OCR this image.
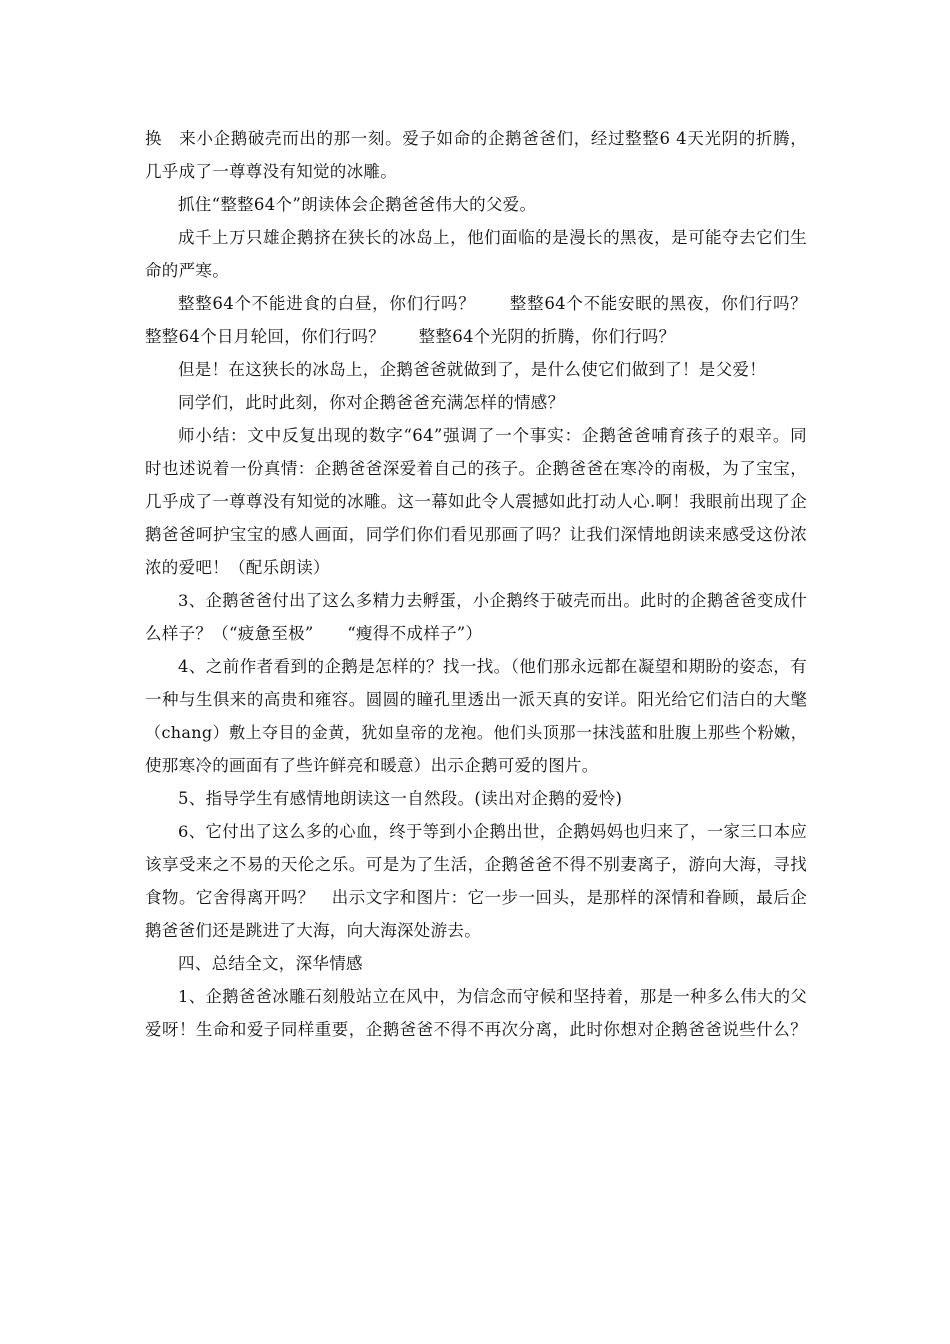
换　来小企鹅破壳而出的那一刻。爱子如命的企鹅爸爸们，经过整整6 4天光阴的折腾，
几乎成了一尊尊没有知觉的冰雕。
抓住“整整64个”朗读体会企鹅爸爸伟大的父爱。
成千上万只雄企鹅挤在狭长的冰岛上，他们面临的是漫长的黑夜，是可能夺去它们生
命的严寒。
整整64个不能进食的白昼，你们行吗？　　整整64个不能安眠的黑夜，你们行吗？
整整64个日月轮回，你们行吗？　　整整64个光阴的折腾，你们行吗？
但是！在这狭长的冰岛上，企鹅爸爸就做到了，是什么使它们做到了！是父爱！
同学们，此时此刻，你对企鹅爸爸充满怎样的情感？
师小结：文中反复出现的数字“64”强调了一个事实：企鹅爸爸哺育孩子的艰辛。同
时也述说着一份真情：企鹅爸爸深爱着自己的孩子。企鹅爸爸在寒冷的南极，为了宝宝，
几乎成了一尊尊没有知觉的冰雕。这一幕如此令人震撼如此打动人心.啊！我眼前出现了企
鹅爸爸呵护宝宝的感人画面，同学们你们看见那画了吗？让我们深情地朗读来感受这份浓
浓的爱吧！（配乐朗读）
3、企鹅爸爸付出了这么多精力去孵蛋，小企鹅终于破壳而出。此时的企鹅爸爸变成什
么样子？（“疲惫至极”　　“瘦得不成样子”）
4、之前作者看到的企鹅是怎样的？找一找。（他们那永远都在凝望和期盼的姿态，有
一种与生俱来的高贵和雍容。圆圆的瞳孔里透出一派天真的安详。阳光给它们洁白的大氅
（chang）敷上夺目的金黄，犹如皇帝的龙袍。他们头顶那一抹浅蓝和肚腹上那些个粉嫩，
使那寒冷的画面有了些许鲜亮和暖意）出示企鹅可爱的图片。
5、指导学生有感情地朗读这一自然段。(读出对企鹅的爱怜)
6、它付出了这么多的心血，终于等到小企鹅出世，企鹅妈妈也归来了，一家三口本应
该享受来之不易的天伦之乐。可是为了生活，企鹅爸爸不得不别妻离子，游向大海，寻找
食物。它舍得离开吗？　出示文字和图片：它一步一回头，是那样的深情和眷顾，最后企
鹅爸爸们还是跳进了大海，向大海深处游去。
四、总结全文，深华情感
1、企鹅爸爸冰雕石刻般站立在风中，为信念而守候和坚持着，那是一种多么伟大的父
爱呀！生命和爱子同样重要，企鹅爸爸不得不再次分离，此时你想对企鹅爸爸说些什么？
